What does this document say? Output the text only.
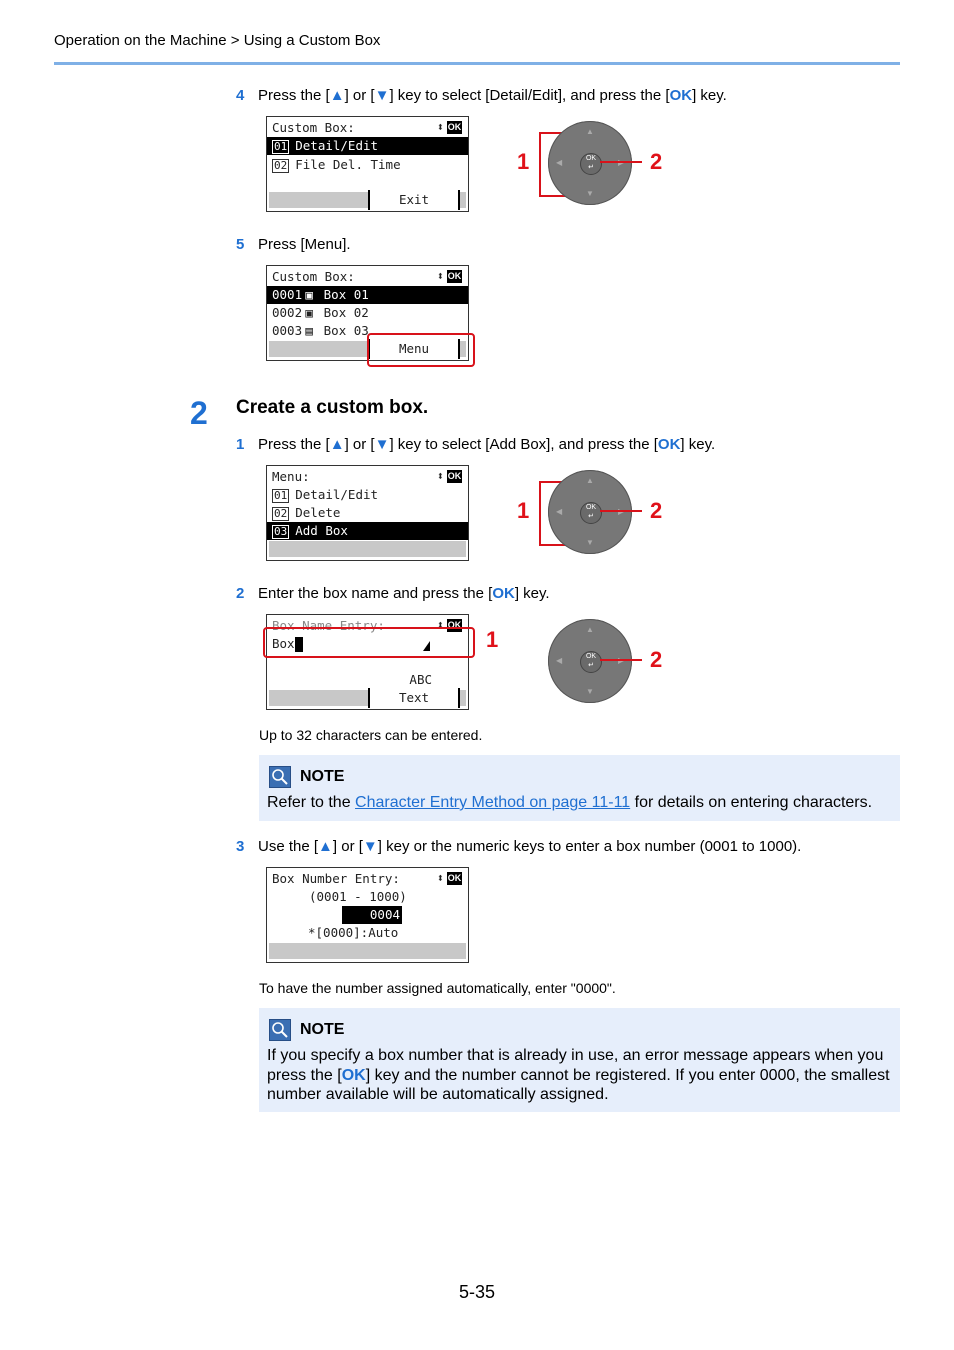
Operation on the Machine > Using a Custom Box
4 Press the [▲] or [▼] key to select [Detail/Edit], and press the [OK] key.
Custom Box:	⬍ OK
01 Detail/Edit
02 File Del. Time
Exit
1
▲
▼
◀	OK
↵	2
5 Press [Menu].
Custom Box:	⬍ OK
0001 ▣ Box 01
0002 ▣ Box 02
0003 ▤ Box 03
Menu
2 Create a custom box.
1 Press the [▲] or [▼] key to select [Add Box], and press the [OK] key.
Menu:	⬍ OK
01 Detail/Edit
02 Delete
03 Add Box
1
▲
▼
◀	OK
↵	2
2 Enter the box name and press the [OK] key.
Box Name Entry:	⬍ OK
Box
ABC
Text
1	▲
▼
◀	OK
↵	2
Up to 32 characters can be entered.
NOTE
Refer to the Character Entry Method on page 11-11 for details on entering characters.
3 Use the [▲] or [▼] key or the numeric keys to enter a box number (0001 to 1000).
Box Number Entry:	⬍ OK
(0001 - 1000)
0004
*[0000]:Auto
To have the number assigned automatically, enter "0000".
NOTE
If you specify a box number that is already in use, an error message appears when you
press the [OK] key and the number cannot be registered. If you enter 0000, the smallest
number available will be automatically assigned.
5-35
